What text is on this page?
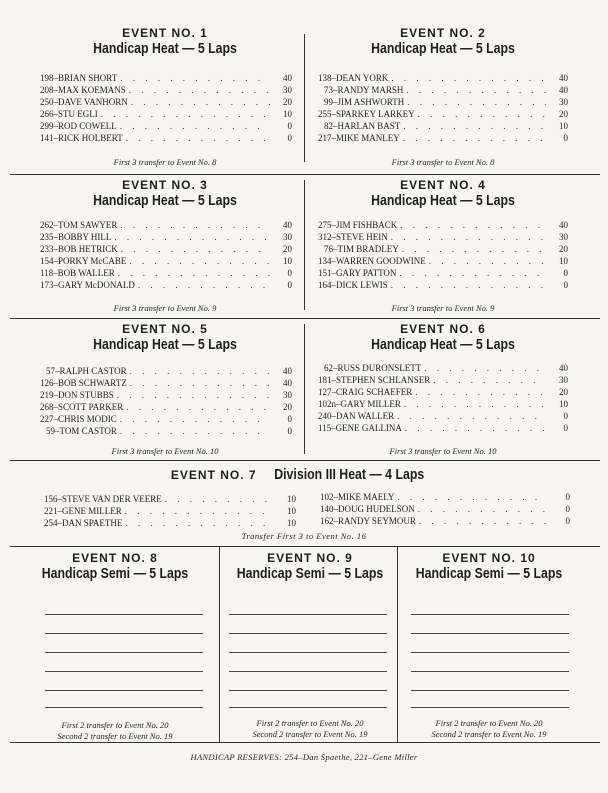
EVENT NO. 1
Handicap Heat — 5 Laps
198–BRIAN SHORT . . .	40
208–MAX KOEMANS . . .	30
250–DAVE VANHORN . . .	20
266–STU EGLI . . .	10
299–ROD COWELL . . .	0
141–RICK HOLBERT . . .	0
First 3 transfer to Event No. 8
EVENT NO. 2
Handicap Heat — 5 Laps
138–DEAN YORK . . .	40
73–RANDY MARSH . . .	40
99–JIM ASHWORTH . . .	30
255–SPARKEY LARKEY . . .	20
82–HARLAN BAST . . .	10
217–MIKE MANLEY . . .	0
First 3 transfer to Event No. 8
EVENT NO. 3
Handicap Heat — 5 Laps
262–TOM SAWYER . . .	40
235–BOBBY HILL . . .	30
233–BOB HETRICK . . .	20
154–PORKY McCABE . . .	10
118–BOB WALLER . . .	0
173–GARY McDONALD . . .	0
First 3 transfer to Event No. 9
EVENT NO. 4
Handicap Heat — 5 Laps
275–JIM FISHBACK . . .	40
312–STEVE HEIN . . .	30
76–TIM BRADLEY . . .	20
134–WARREN GOODWINE . . .	10
151–GARY PATTON . . .	0
164–DICK LEWIS . . .	0
First 3 transfer to Event No. 9
EVENT NO. 5
Handicap Heat — 5 Laps
57–RALPH CASTOR . . .	40
126–BOB SCHWARTZ . . .	40
219–DON STUBBS . . .	30
268–SCOTT PARKER . . .	20
227–CHRIS MODIC . . .	0
59–TOM CASTOR . . .	0
First 3 transfer to Event No. 10
EVENT NO. 6
Handicap Heat — 5 Laps
62–RUSS DURONSLETT . . .	40
181–STEPHEN SCHLANSER . . .	30
127–CRAIG SCHAEFER . . .	20
102n–GARY MILLER . . .	10
240–DAN WALLER . . .	0
115–GENE GALLINA . . .	0
First 3 transfer to Event No. 10
EVENT NO. 7 Division III Heat — 4 Laps
156–STEVE VAN DER VEERE . . .	10
221–GENE MILLER . . .	10
254–DAN SPAETHE . . .	10
102–MIKE MAELY . . .	0
140–DOUG HUDELSON . . .	0
162–RANDY SEYMOUR . . .	0
Transfer First 3 to Event No. 16
EVENT NO. 8
Handicap Semi — 5 Laps
First 2 transfer to Event No. 20
Second 2 transfer to Event No. 19
EVENT NO. 9
Handicap Semi — 5 Laps
First 2 transfer to Event No. 20
Second 2 transfer to Event No. 19
EVENT NO. 10
Handicap Semi — 5 Laps
First 2 transfer to Event No. 20
Second 2 transfer to Event No. 19
HANDICAP RESERVES: 254–Dan Spaethe, 221–Gene Miller
